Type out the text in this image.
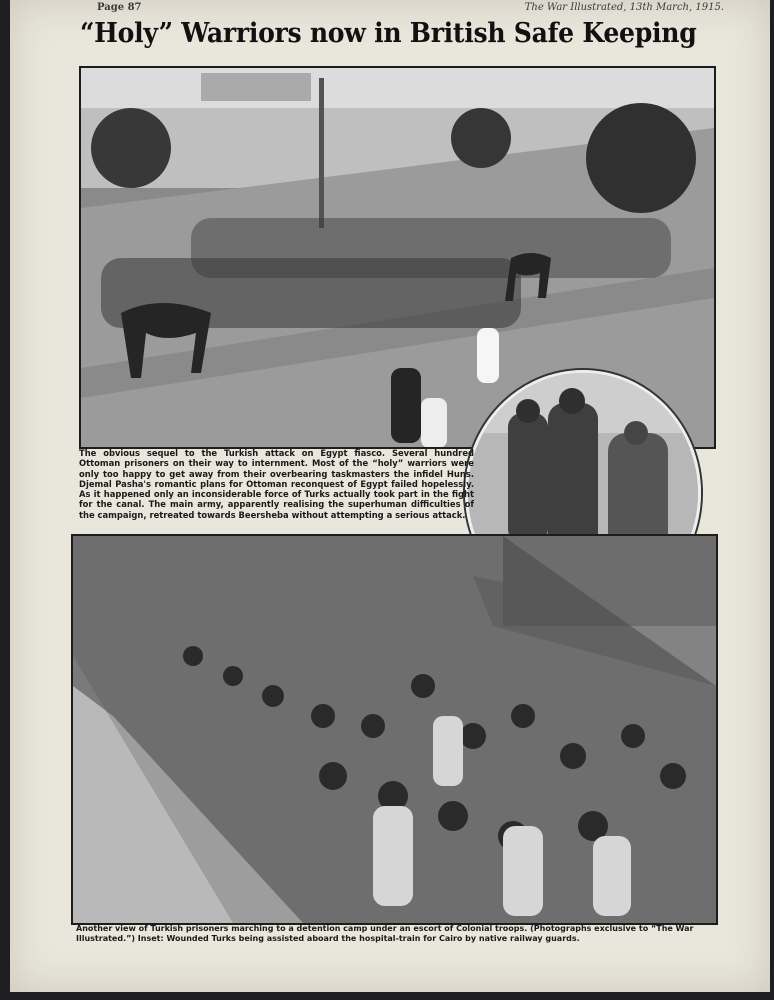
Page 87	The War Illustrated, 13th March, 1915.
“Holy” Warriors now in British Safe Keeping
The obvious sequel to the Turkish attack on Egypt fiasco. Several hundred Ottoman prisoners on their way to internment. Most of the “holy” warriors were only too happy to get away from their overbearing taskmasters the infidel Huns. Djemal Pasha's romantic plans for Ottoman reconquest of Egypt failed hopelessly. As it happened only an inconsiderable force of Turks actually took part in the fight for the canal. The main army, apparently realising the superhuman difficulties of the campaign, retreated towards Beersheba without attempting a serious attack.
Another view of Turkish prisoners marching to a detention camp under an escort of Colonial troops. (Photographs exclusive to “The War Illustrated.”) Inset: Wounded Turks being assisted aboard the hospital-train for Cairo by native railway guards.
